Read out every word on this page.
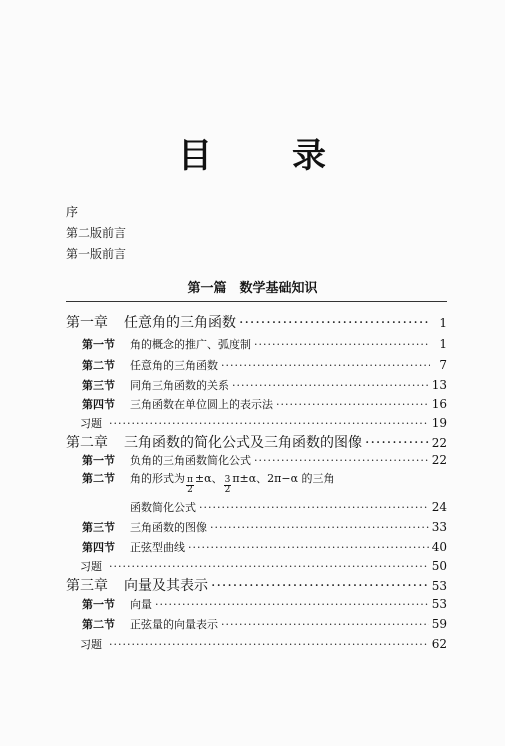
目 录
序
第二版前言
第一版前言
第一篇　数学基础知识
第一章	任意角的三角函数 ·····	1
第一节	角的概念的推广、弧度制 ·····	1
第二节	任意角的三角函数 ·····	7
第三节	同角三角函数的关系 ·····	13
第四节	三角函数在单位圆上的表示法 ·····	16
习题 ·····	19
第二章	三角函数的简化公式及三角函数的图像 ·····	22
第一节	负角的三角函数简化公式 ·····	22
第二节	角的形式为 $\frac{\pi}{2} \pm\alpha$、 $\frac{3}{2} \pi\pm\alpha$、2π−α 的三角
函数简化公式 ·····	24
第三节	三角函数的图像 ·····	33
第四节	正弦型曲线 ·····	40
习题 ·····	50
第三章	向量及其表示 ·····	53
第一节	向量 ·····	53
第二节	正弦量的向量表示 ·····	59
习题 ·····	62
